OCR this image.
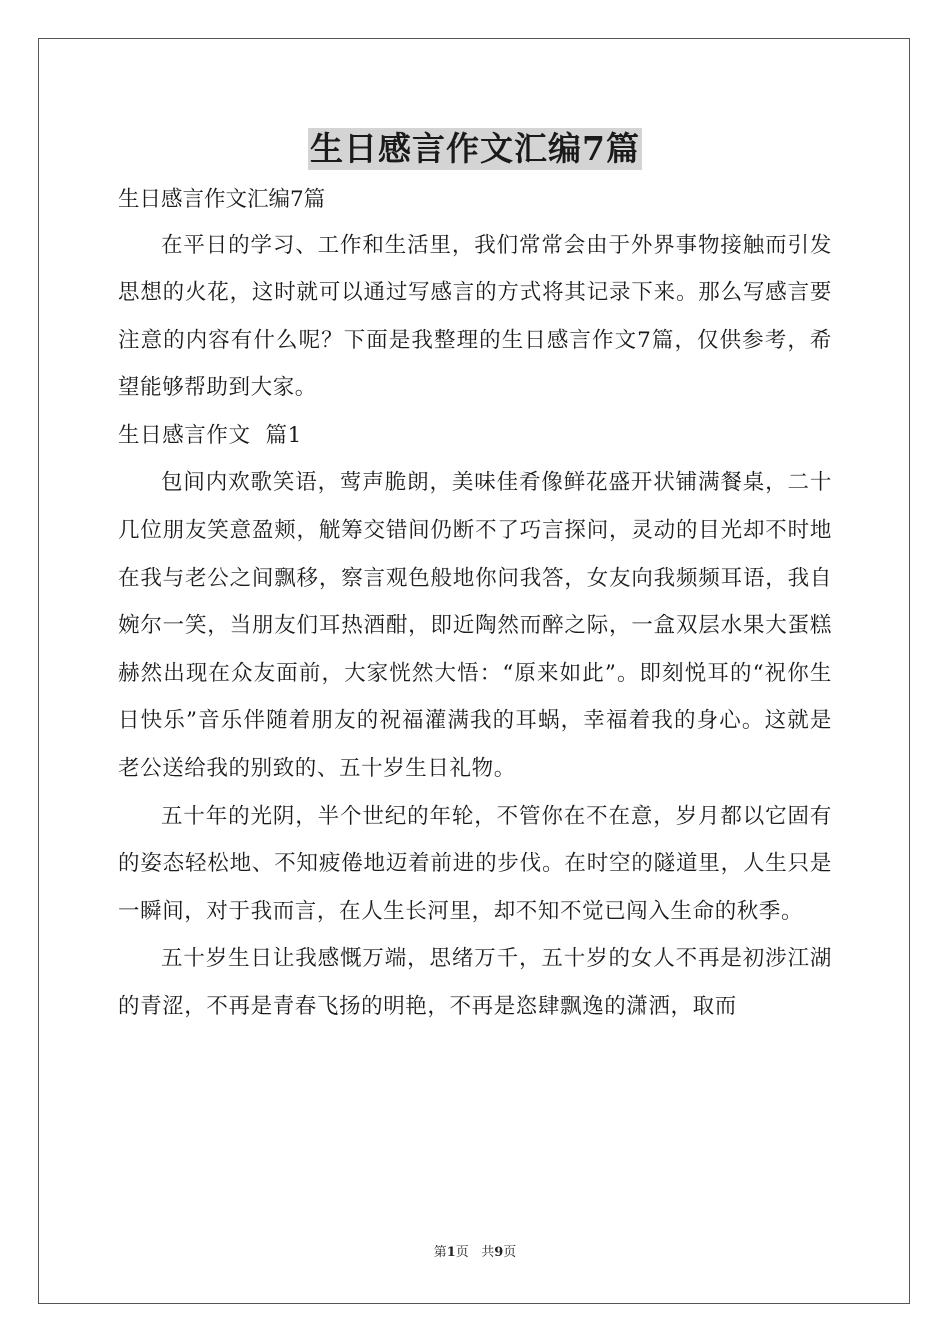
生日感言作文汇编7篇

生日感言作文汇编7篇

在平日的学习、工作和生活里，我们常常会由于外界事物接触而引发思想的火花，这时就可以通过写感言的方式将其记录下来。那么写感言要注意的内容有什么呢？下面是我整理的生日感言作文7篇，仅供参考，希望能够帮助到大家。

生日感言作文  篇1

包间内欢歌笑语，莺声脆朗，美味佳肴像鲜花盛开状铺满餐桌，二十几位朋友笑意盈颊，觥筹交错间仍断不了巧言探问，灵动的目光却不时地在我与老公之间飘移，察言观色般地你问我答，女友向我频频耳语，我自婉尔一笑，当朋友们耳热酒酣，即近陶然而醉之际，一盒双层水果大蛋糕赫然出现在众友面前，大家恍然大悟：“原来如此”。即刻悦耳的“祝你生日快乐”音乐伴随着朋友的祝福灌满我的耳蜗，幸福着我的身心。这就是老公送给我的别致的、五十岁生日礼物。

五十年的光阴，半个世纪的年轮，不管你在不在意，岁月都以它固有的姿态轻松地、不知疲倦地迈着前进的步伐。在时空的隧道里，人生只是一瞬间，对于我而言，在人生长河里，却不知不觉已闯入生命的秋季。

五十岁生日让我感慨万端，思绪万千，五十岁的女人不再是初涉江湖的青涩，不再是青春飞扬的明艳，不再是恣肆飘逸的潇洒，取而

第1页   共9页
